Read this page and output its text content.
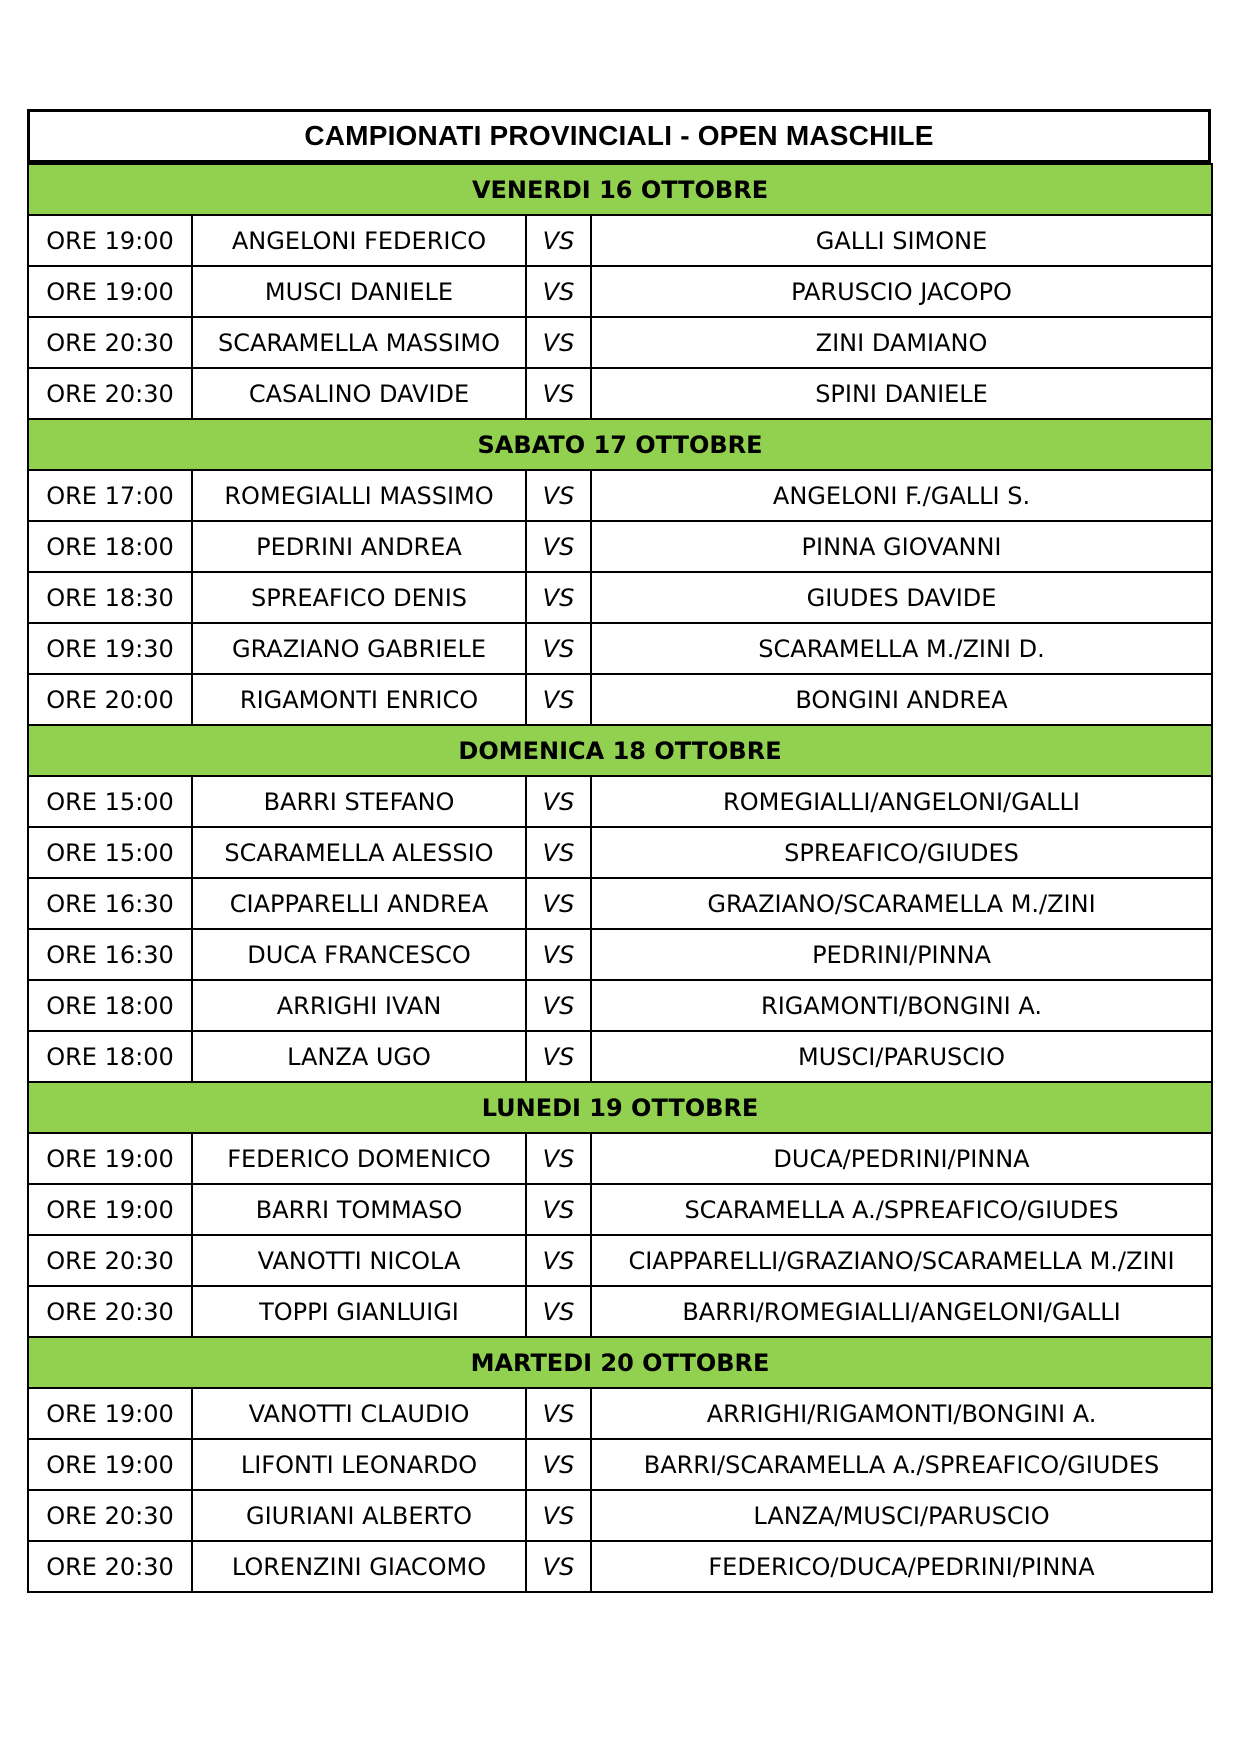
CAMPIONATI PROVINCIALI - OPEN MASCHILE
VENERDI 16 OTTOBRE			
ORE 19:00	ANGELONI FEDERICO	VS	GALLI SIMONE
ORE 19:00	MUSCI DANIELE	VS	PARUSCIO JACOPO
ORE 20:30	SCARAMELLA MASSIMO	VS	ZINI DAMIANO
ORE 20:30	CASALINO DAVIDE	VS	SPINI DANIELE
SABATO 17 OTTOBRE			
ORE 17:00	ROMEGIALLI MASSIMO	VS	ANGELONI F./GALLI S.
ORE 18:00	PEDRINI ANDREA	VS	PINNA GIOVANNI
ORE 18:30	SPREAFICO DENIS	VS	GIUDES DAVIDE
ORE 19:30	GRAZIANO GABRIELE	VS	SCARAMELLA M./ZINI D.
ORE 20:00	RIGAMONTI ENRICO	VS	BONGINI ANDREA
DOMENICA 18 OTTOBRE			
ORE 15:00	BARRI STEFANO	VS	ROMEGIALLI/ANGELONI/GALLI
ORE 15:00	SCARAMELLA ALESSIO	VS	SPREAFICO/GIUDES
ORE 16:30	CIAPPARELLI ANDREA	VS	GRAZIANO/SCARAMELLA M./ZINI
ORE 16:30	DUCA FRANCESCO	VS	PEDRINI/PINNA
ORE 18:00	ARRIGHI IVAN	VS	RIGAMONTI/BONGINI A.
ORE 18:00	LANZA UGO	VS	MUSCI/PARUSCIO
LUNEDI 19 OTTOBRE			
ORE 19:00	FEDERICO DOMENICO	VS	DUCA/PEDRINI/PINNA
ORE 19:00	BARRI TOMMASO	VS	SCARAMELLA A./SPREAFICO/GIUDES
ORE 20:30	VANOTTI NICOLA	VS	CIAPPARELLI/GRAZIANO/SCARAMELLA M./ZINI
ORE 20:30	TOPPI GIANLUIGI	VS	BARRI/ROMEGIALLI/ANGELONI/GALLI
MARTEDI 20 OTTOBRE			
ORE 19:00	VANOTTI CLAUDIO	VS	ARRIGHI/RIGAMONTI/BONGINI A.
ORE 19:00	LIFONTI LEONARDO	VS	BARRI/SCARAMELLA A./SPREAFICO/GIUDES
ORE 20:30	GIURIANI ALBERTO	VS	LANZA/MUSCI/PARUSCIO
ORE 20:30	LORENZINI GIACOMO	VS	FEDERICO/DUCA/PEDRINI/PINNA
